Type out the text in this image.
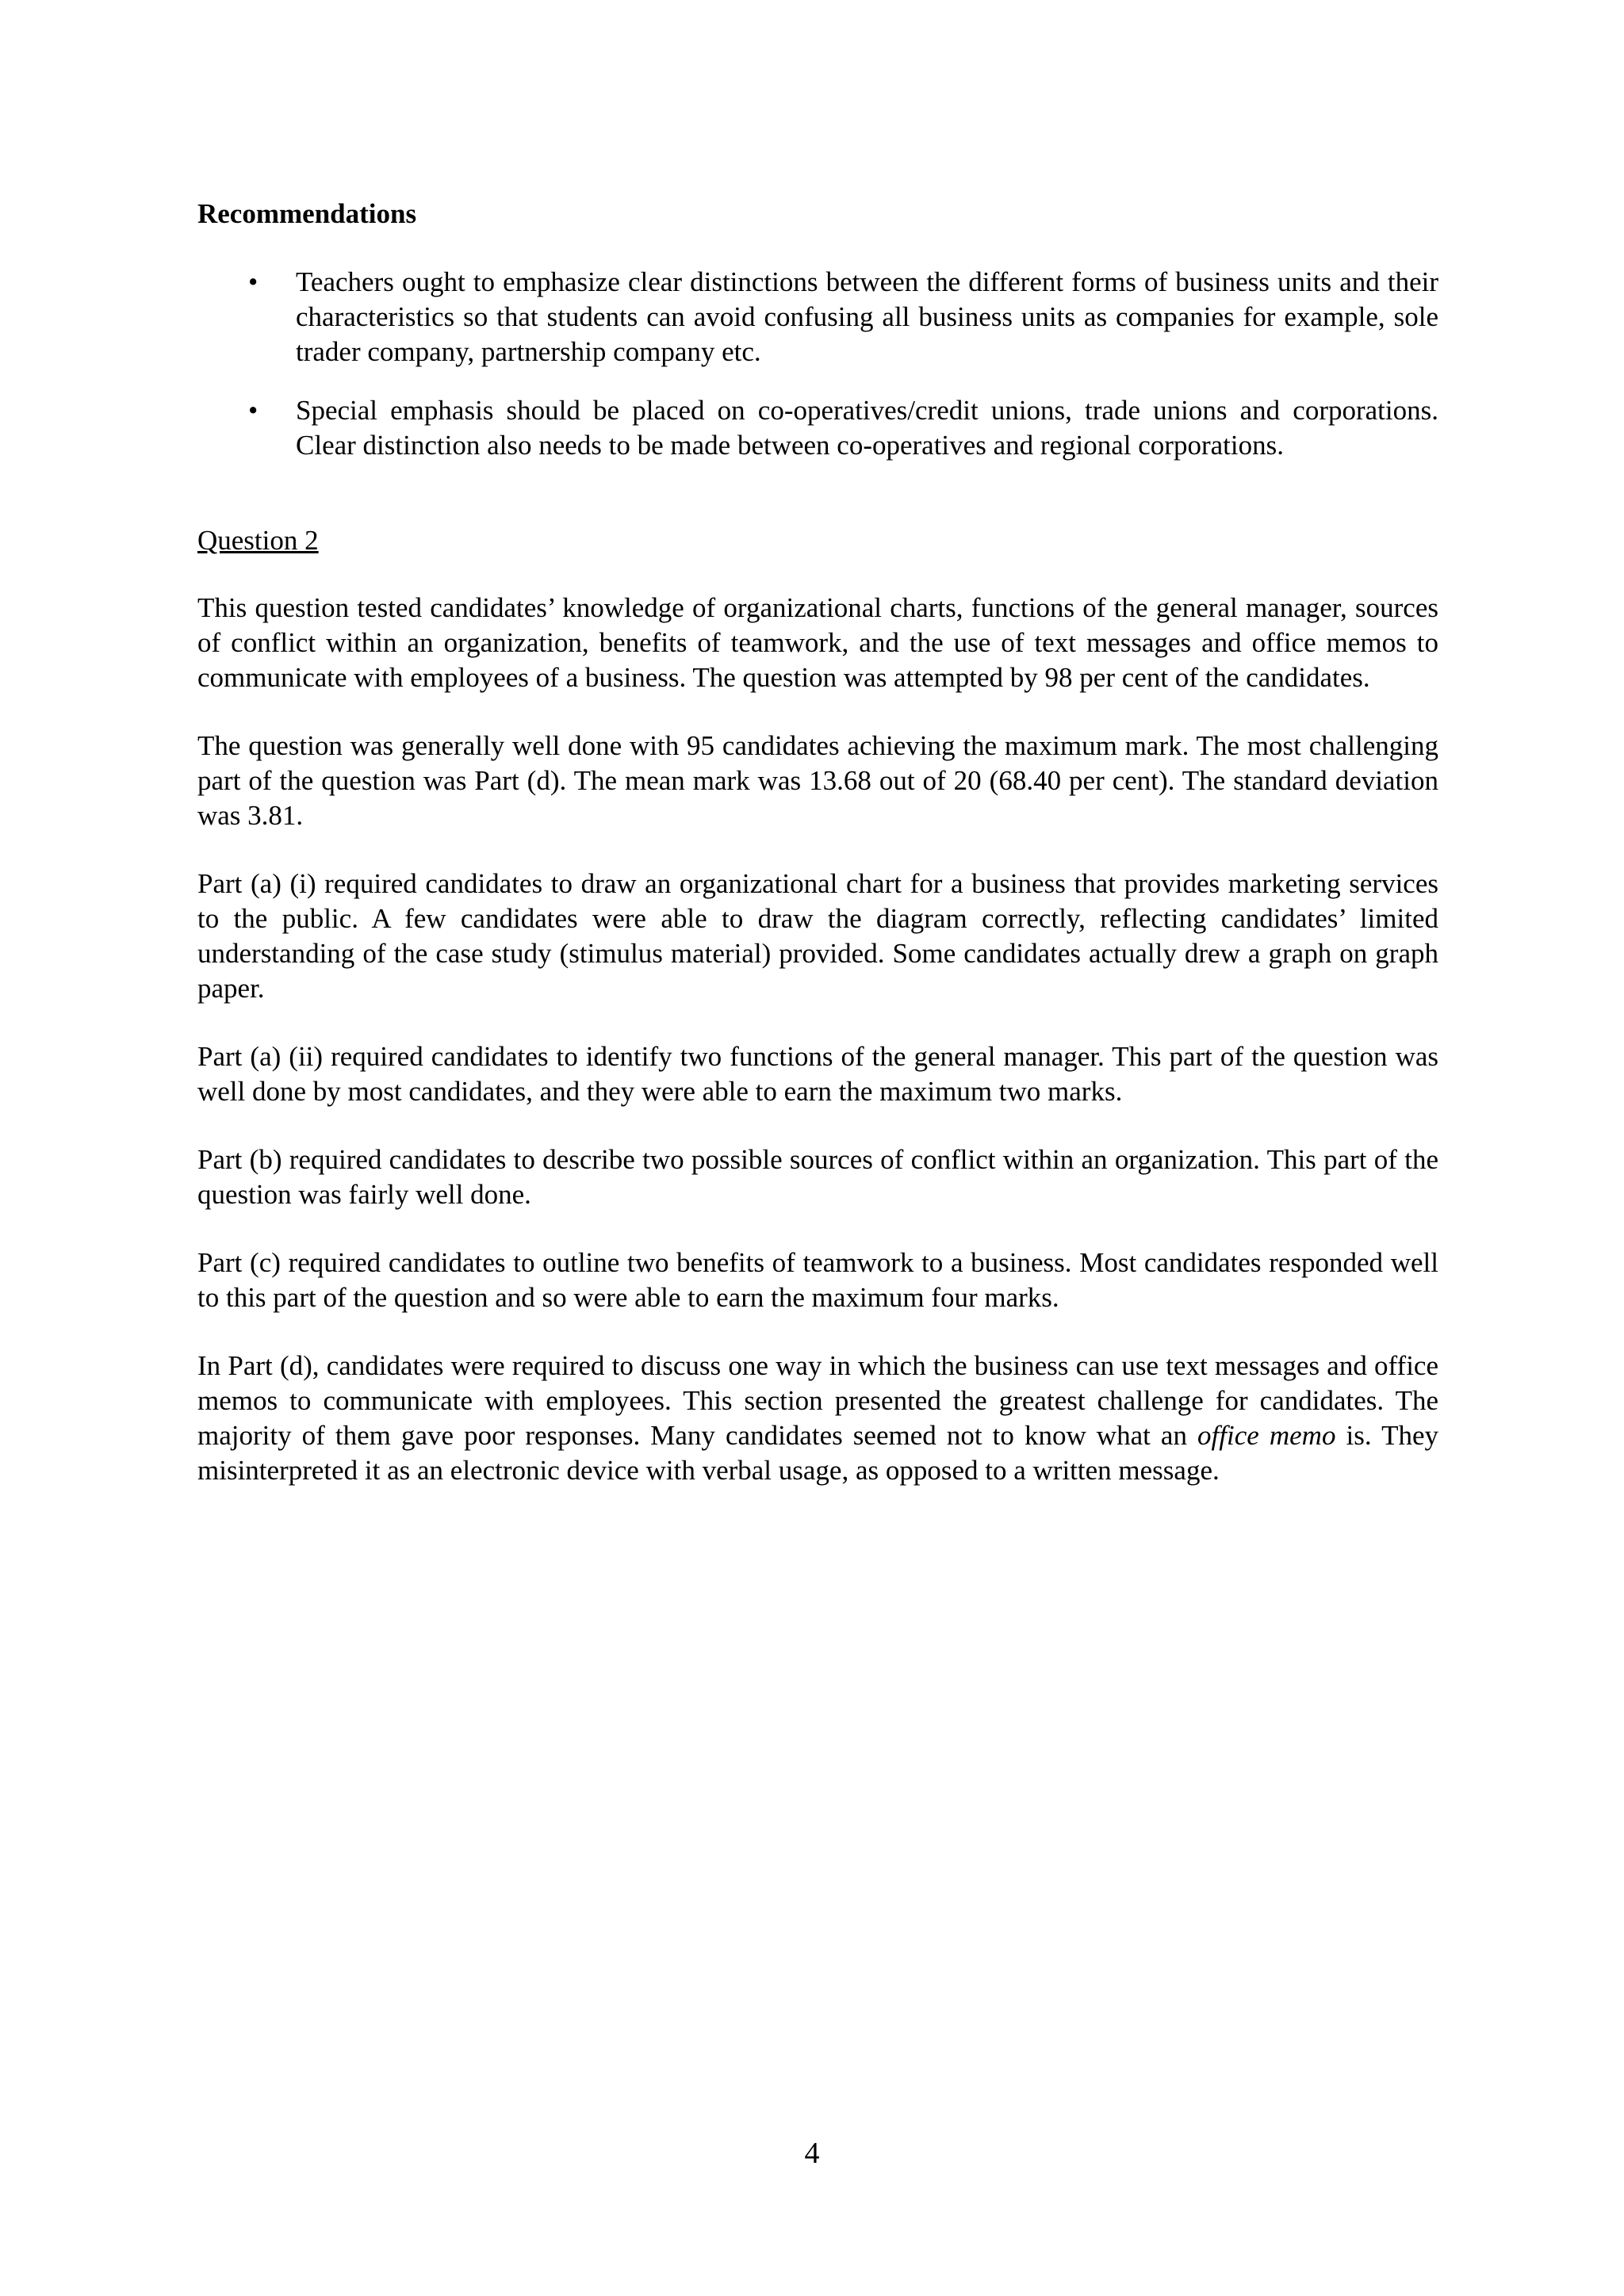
Recommendations
• Teachers ought to emphasize clear distinctions between the different forms of business units and their characteristics so that students can avoid confusing all business units as companies for example, sole trader company, partnership company etc.
• Special emphasis should be placed on co-operatives/credit unions, trade unions and corporations. Clear distinction also needs to be made between co-operatives and regional corporations.
Question 2

This question tested candidates’ knowledge of organizational charts, functions of the general manager, sources of conflict within an organization, benefits of teamwork, and the use of text messages and office memos to communicate with employees of a business. The question was attempted by 98 per cent of the candidates.

The question was generally well done with 95 candidates achieving the maximum mark. The most challenging part of the question was Part (d). The mean mark was 13.68 out of 20 (68.40 per cent). The standard deviation was 3.81.

Part (a) (i) required candidates to draw an organizational chart for a business that provides marketing services to the public. A few candidates were able to draw the diagram correctly, reflecting candidates’ limited understanding of the case study (stimulus material) provided. Some candidates actually drew a graph on graph paper.

Part (a) (ii) required candidates to identify two functions of the general manager. This part of the question was well done by most candidates, and they were able to earn the maximum two marks.

Part (b) required candidates to describe two possible sources of conflict within an organization. This part of the question was fairly well done.

Part (c) required candidates to outline two benefits of teamwork to a business. Most candidates responded well to this part of the question and so were able to earn the maximum four marks.

In Part (d), candidates were required to discuss one way in which the business can use text messages and office memos to communicate with employees. This section presented the greatest challenge for candidates. The majority of them gave poor responses. Many candidates seemed not to know what an office memo is. They misinterpreted it as an electronic device with verbal usage, as opposed to a written message.

4
